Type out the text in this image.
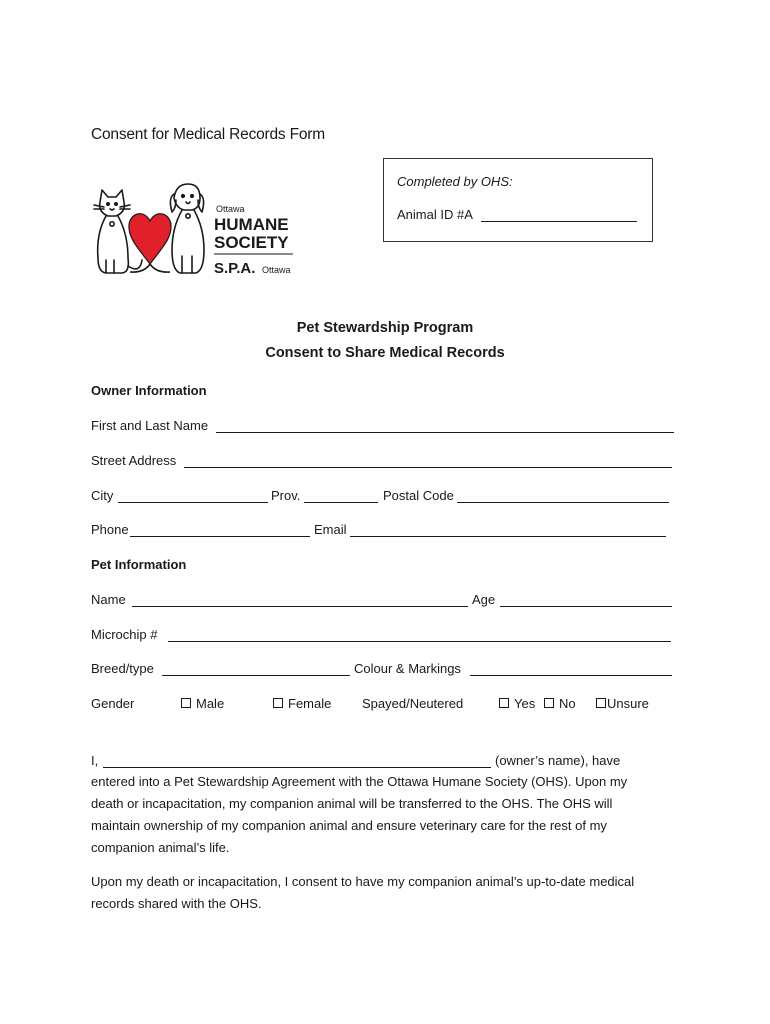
Consent for Medical Records Form
Completed by OHS:
Animal ID #A
Ottawa
HUMANE
SOCIETY
S.P.A. Ottawa
Pet Stewardship Program
Consent to Share Medical Records
Owner Information
First and Last Name
Street Address
City	Prov.	Postal Code
Phone	Email
Pet Information
Name	Age
Microchip #
Breed/type	Colour & Markings
Gender	Male	Female Spayed/Neutered	Yes	No	Unsure
I,	(owner’s name), have
entered into a Pet Stewardship Agreement with the Ottawa Humane Society (OHS). Upon my
death or incapacitation, my companion animal will be transferred to the OHS. The OHS will
maintain ownership of my companion animal and ensure veterinary care for the rest of my
companion animal’s life.
Upon my death or incapacitation, I consent to have my companion animal’s up-to-date medical
records shared with the OHS.
